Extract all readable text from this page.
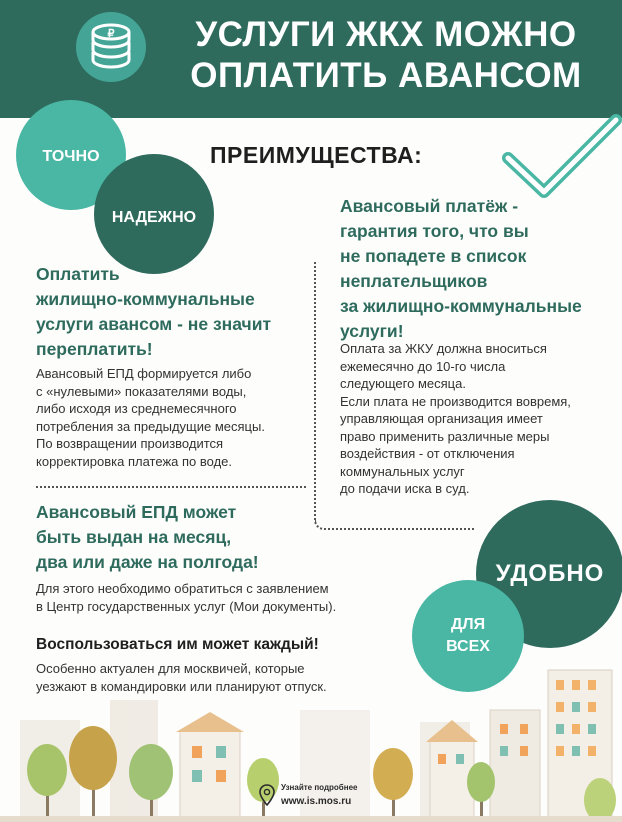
₽	УСЛУГИ ЖКХ МОЖНО
ОПЛАТИТЬ АВАНСОМ
ТОЧНО
НАДЕЖНО
ПРЕИМУЩЕСТВА:
Оплатить
жилищно-коммунальные
услуги авансом - не значит
переплатить!
Авансовый ЕПД формируется либо
с «нулевыми» показателями воды,
либо исходя из среднемесячного
потребления за предыдущие месяцы.
По возвращении производится
корректировка платежа по воде.
Авансовый ЕПД может
быть выдан на месяц,
два или даже на полгода!
Для этого необходимо обратиться с заявлением
в Центр государственных услуг (Мои документы).
Воспользоваться им может каждый!
Особенно актуален для москвичей, которые
уезжают в командировки или планируют отпуск.
Авансовый платёж -
гарантия того, что вы
не попадете в список
неплательщиков
за жилищно-коммунальные
услуги!
Оплата за ЖКУ должна вноситься
ежемесячно до 10-го числа
следующего месяца.
Если плата не производится вовремя,
управляющая организация имеет
право применить различные меры
воздействия - от отключения
коммунальных услуг
до подачи иска в суд.
УДОБНО
ДЛЯ
ВСЕХ
Узнайте подробнее
www.is.mos.ru
